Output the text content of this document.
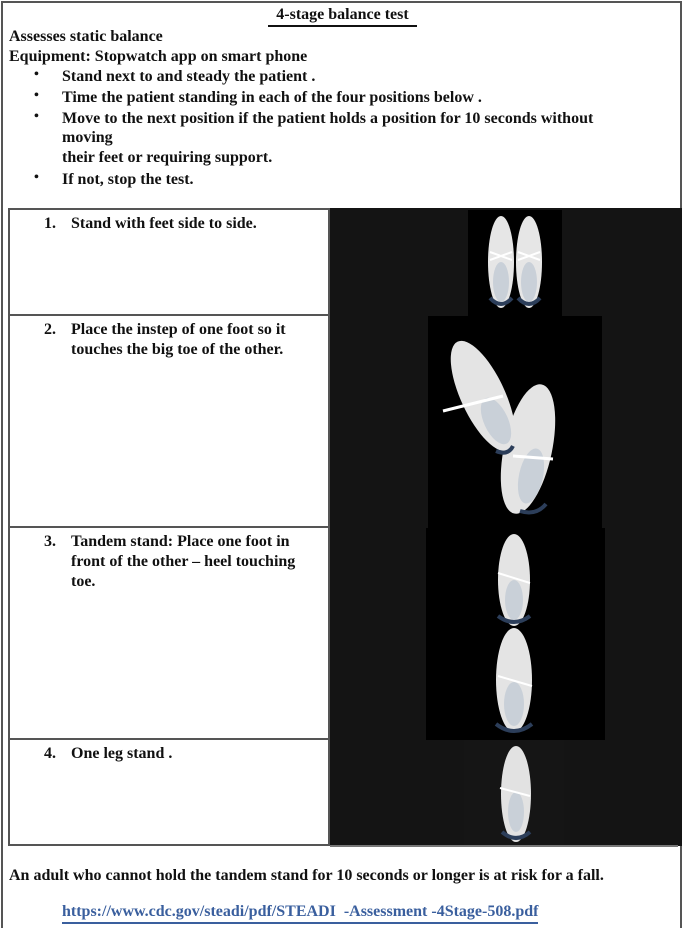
4-stage balance test
Assesses static balance
Equipment: Stopwatch app on smart phone
• Stand next to and steady the patient .
• Time the patient standing in each of the four positions below .
• Move to the next position if the patient holds a position for 10 seconds without
moving
their feet or requiring support.
• If not, stop the test.
1. Stand with feet side to side.
2. Place the instep of one foot so it touches the big toe of the other.
3. Tandem stand: Place one foot in front of the other – heel touching toe.
4. One leg stand .
An adult who cannot hold the tandem stand for 10 seconds or longer is at risk for a fall.
https://www.cdc.gov/steadi/pdf/STEADI  -Assessment -4Stage-508.pdf
